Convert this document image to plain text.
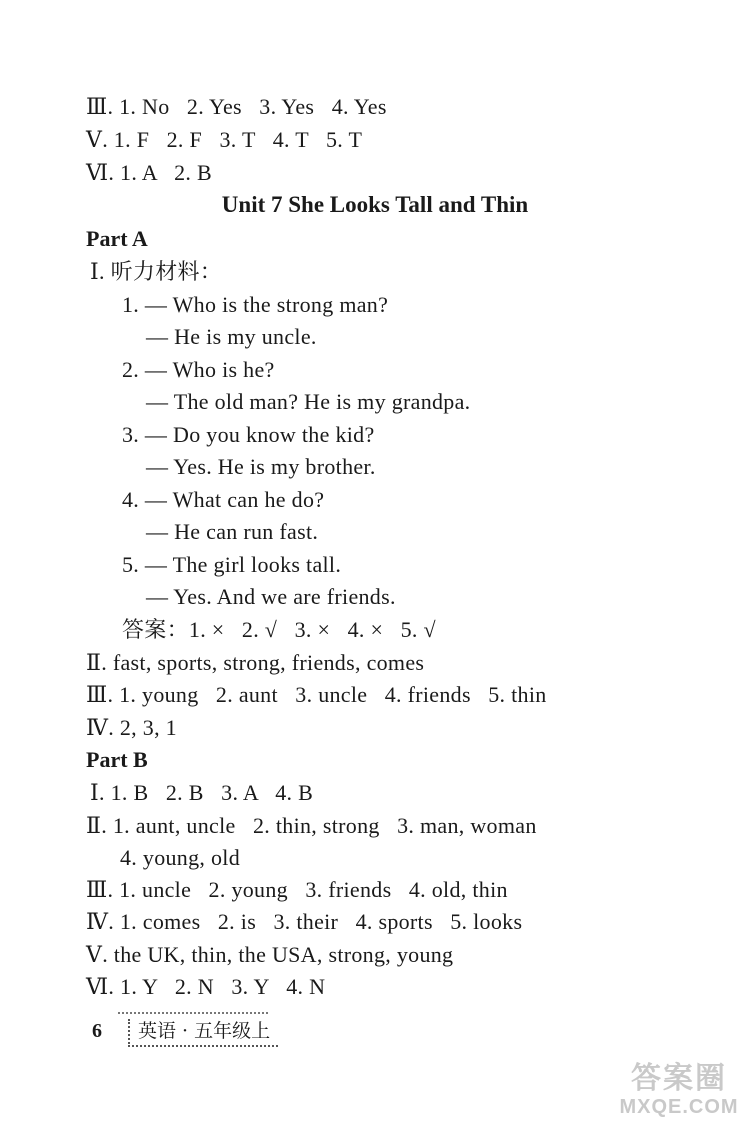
Ⅲ. 1. No   2. Yes   3. Yes   4. Yes
Ⅴ. 1. F   2. F   3. T   4. T   5. T
Ⅵ. 1. A   2. B
Unit 7 She Looks Tall and Thin
Part A
Ⅰ. 听力材料：
1. — Who is the strong man?
— He is my uncle.
2. — Who is he?
— The old man? He is my grandpa.
3. — Do you know the kid?
— Yes. He is my brother.
4. — What can he do?
— He can run fast.
5. — The girl looks tall.
— Yes. And we are friends.
答案：1. ×   2. √   3. ×   4. ×   5. √
Ⅱ. fast, sports, strong, friends, comes
Ⅲ. 1. young   2. aunt   3. uncle   4. friends   5. thin
Ⅳ. 2, 3, 1
Part B
Ⅰ. 1. B   2. B   3. A   4. B
Ⅱ. 1. aunt, uncle   2. thin, strong   3. man, woman
4. young, old
Ⅲ. 1. uncle   2. young   3. friends   4. old, thin
Ⅳ. 1. comes   2. is   3. their   4. sports   5. looks
Ⅴ. the UK, thin, the USA, strong, young
Ⅵ. 1. Y   2. N   3. Y   4. N
6	英语 · 五年级上
答案圈
MXQE.COM
